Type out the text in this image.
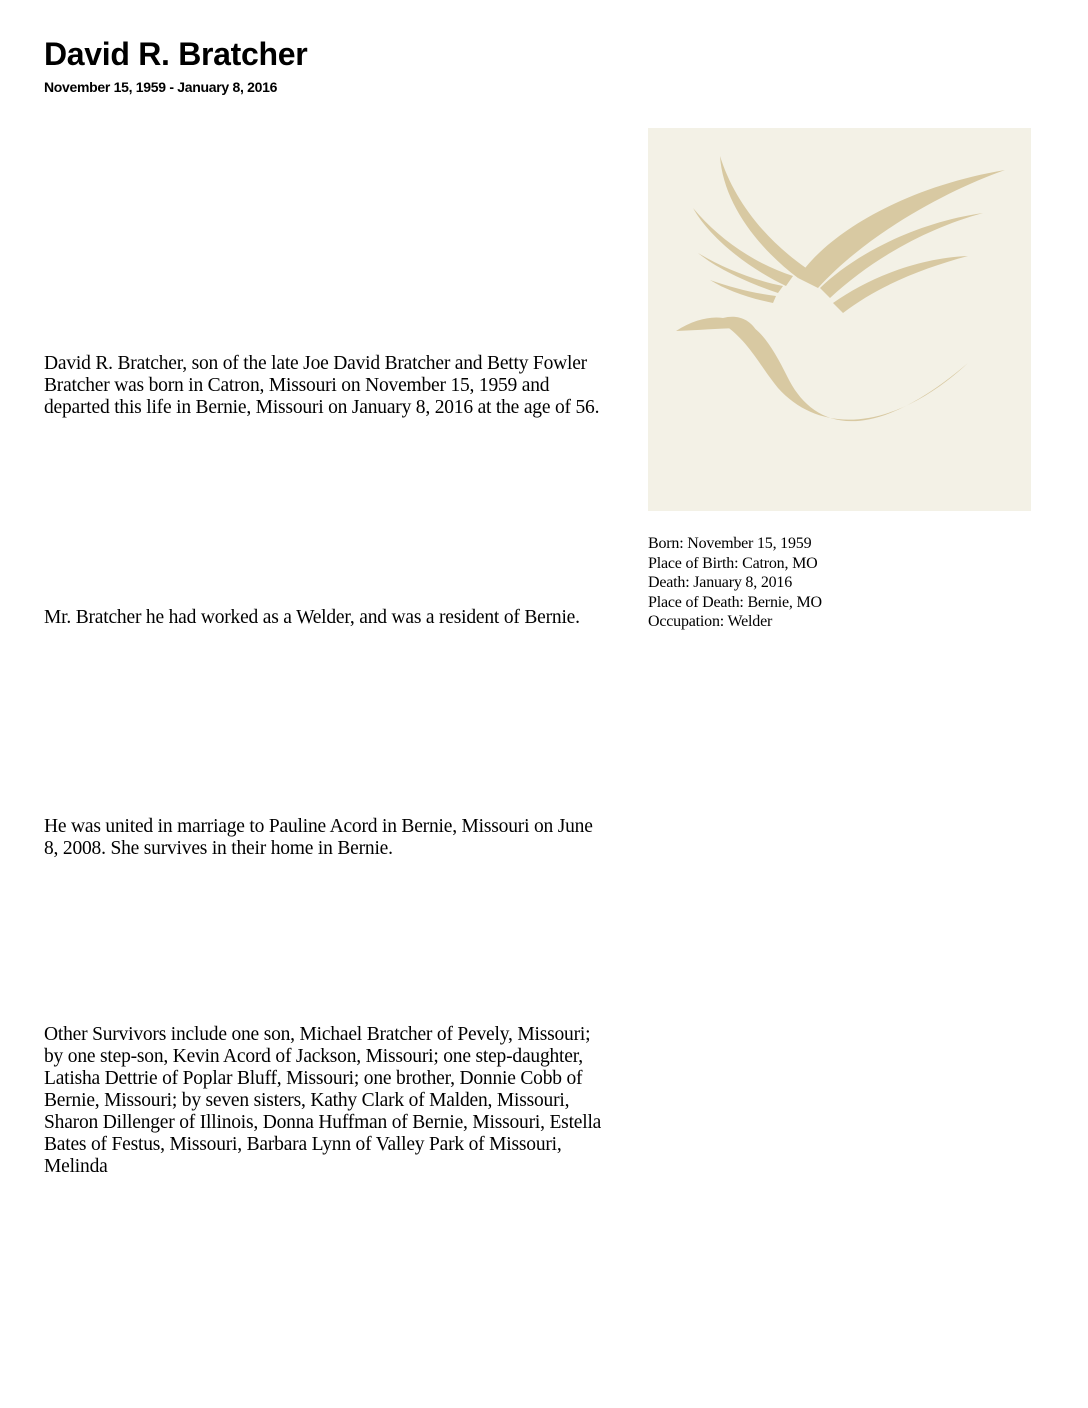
David R. Bratcher
November 15, 1959 - January 8, 2016

David R. Bratcher, son of the late Joe David Bratcher and Betty Fowler Bratcher was born in Catron, Missouri on November 15, 1959 and departed this life in Bernie, Missouri on January 8, 2016 at the age of 56.

Mr. Bratcher he had worked as a Welder, and was a resident of Bernie.

He was united in marriage to Pauline Acord in Bernie, Missouri on June 8, 2008. She survives in their home in Bernie.

Other Survivors include one son, Michael Bratcher of Pevely, Missouri; by one step-son, Kevin Acord of Jackson, Missouri; one step-daughter, Latisha Dettrie of Poplar Bluff, Missouri; one brother, Donnie Cobb of Bernie, Missouri; by seven sisters, Kathy Clark of Malden, Missouri, Sharon Dillenger of Illinois, Donna Huffman of Bernie, Missouri, Estella Bates of Festus, Missouri, Barbara Lynn of Valley Park of Missouri, Melinda

Born: November 15, 1959
Place of Birth: Catron, MO
Death: January 8, 2016
Place of Death: Bernie, MO
Occupation: Welder
